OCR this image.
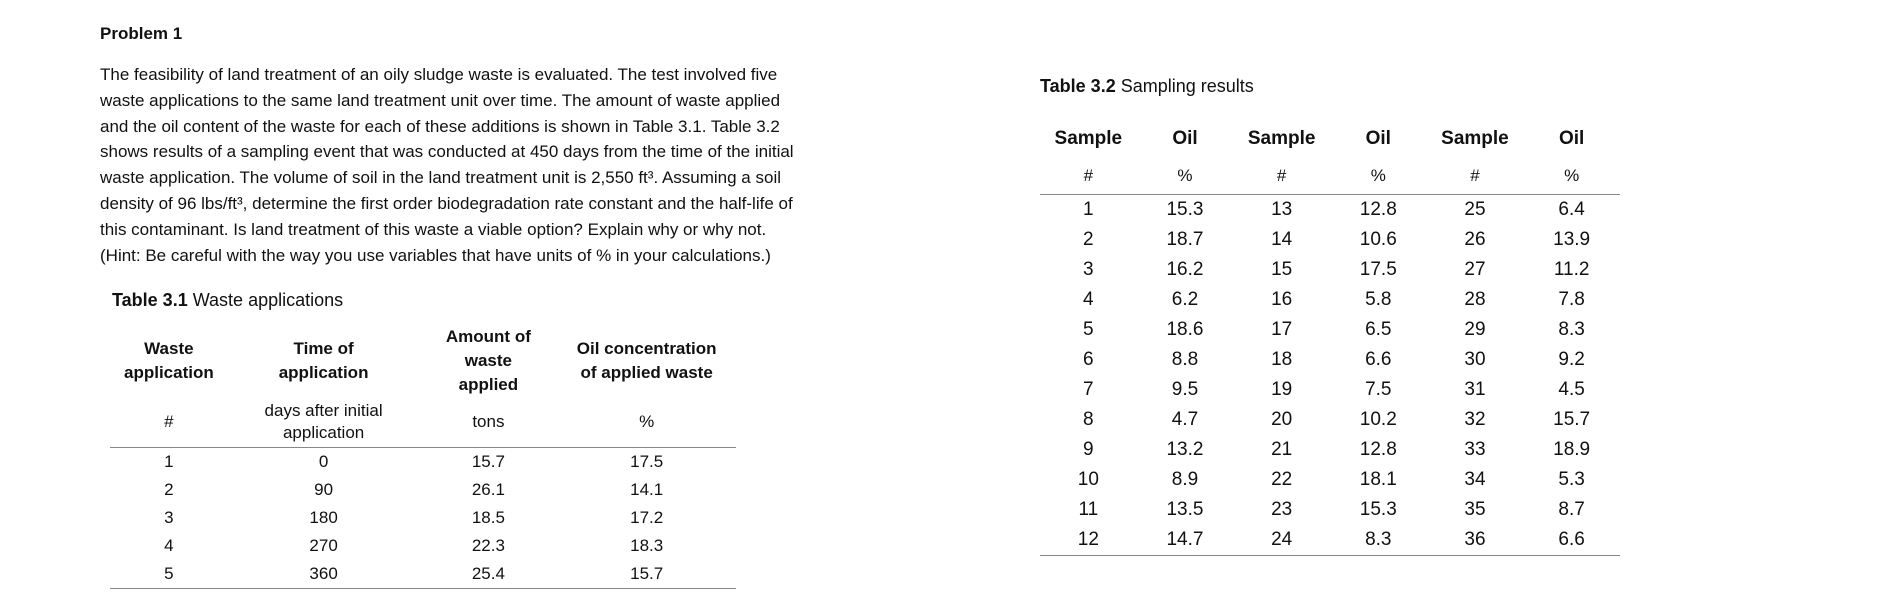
Problem 1

The feasibility of land treatment of an oily sludge waste is evaluated. The test involved five
waste applications to the same land treatment unit over time. The amount of waste applied
and the oil content of the waste for each of these additions is shown in Table 3.1. Table 3.2
shows results of a sampling event that was conducted at 450 days from the time of the initial
waste application. The volume of soil in the land treatment unit is 2,550 ft³. Assuming a soil
density of 96 lbs/ft³, determine the first order biodegradation rate constant and the half-life of
this contaminant. Is land treatment of this waste a viable option? Explain why or why not.
(Hint: Be careful with the way you use variables that have units of % in your calculations.)

Table 3.1 Waste applications
Waste application	Time of application	Amount of waste applied	Oil concentration of applied waste
#	days after initial application	tons	%
1	0	15.7	17.5
2	90	26.1	14.1
3	180	18.5	17.2
4	270	22.3	18.3
5	360	25.4	15.7
Table 3.2 Sampling results
Sample	Oil	Sample	Oil	Sample	Oil
#	%	#	%	#	%
1	15.3	13	12.8	25	6.4
2	18.7	14	10.6	26	13.9
3	16.2	15	17.5	27	11.2
4	6.2	16	5.8	28	7.8
5	18.6	17	6.5	29	8.3
6	8.8	18	6.6	30	9.2
7	9.5	19	7.5	31	4.5
8	4.7	20	10.2	32	15.7
9	13.2	21	12.8	33	18.9
10	8.9	22	18.1	34	5.3
11	13.5	23	15.3	35	8.7
12	14.7	24	8.3	36	6.6
